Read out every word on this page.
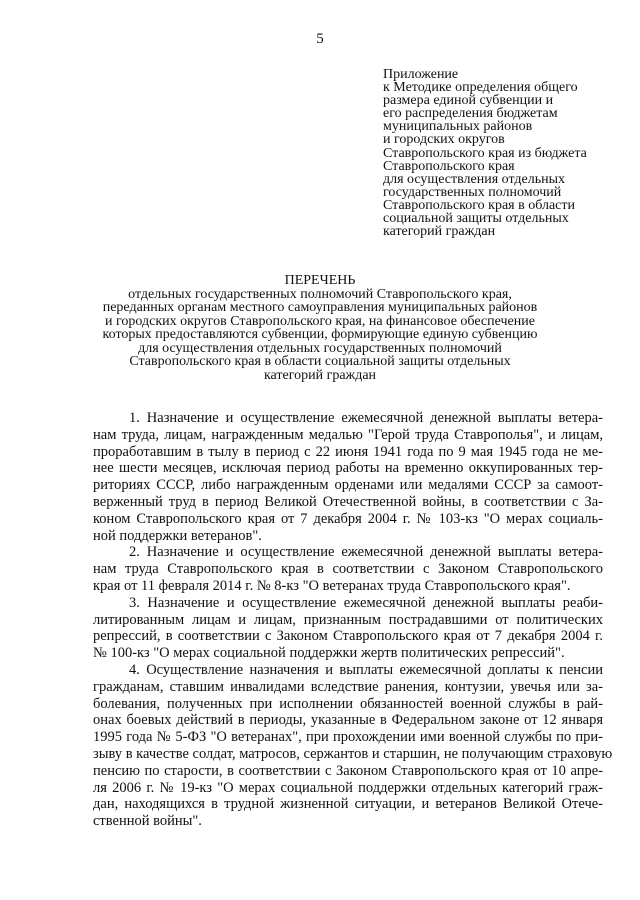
5
Приложение
к Методике определения общего
размера единой субвенции и
его распределения бюджетам
муниципальных районов
и городских округов
Ставропольского края из бюджета
Ставропольского края
для осуществления отдельных
государственных полномочий
Ставропольского края в области
социальной защиты отдельных
категорий граждан
ПЕРЕЧЕНЬ
отдельных государственных полномочий Ставропольского края,
переданных органам местного самоуправления муниципальных районов
и городских округов Ставропольского края, на финансовое обеспечение
которых предоставляются субвенции, формирующие единую субвенцию
для осуществления отдельных государственных полномочий
Ставропольского края в области социальной защиты отдельных
категорий граждан
1. Назначение и осуществление ежемесячной денежной выплаты ветера-
нам труда, лицам, награжденным медалью "Герой труда Ставрополья", и лицам,
проработавшим в тылу в период с 22 июня 1941 года по 9 мая 1945 года не ме-
нее шести месяцев, исключая период работы на временно оккупированных тер-
риториях СССР, либо награжденным орденами или медалями СССР за самоот-
верженный труд в период Великой Отечественной войны, в соответствии с За-
коном Ставропольского края от 7 декабря 2004 г. № 103-кз "О мерах социаль-
ной поддержки ветеранов".
2. Назначение и осуществление ежемесячной денежной выплаты ветера-
нам труда Ставропольского края в соответствии с Законом Ставропольского
края от 11 февраля 2014 г. № 8-кз "О ветеранах труда Ставропольского края".
3. Назначение и осуществление ежемесячной денежной выплаты реаби-
литированным лицам и лицам, признанным пострадавшими от политических
репрессий, в соответствии с Законом Ставропольского края от 7 декабря 2004 г.
№ 100-кз "О мерах социальной поддержки жертв политических репрессий".
4. Осуществление назначения и выплаты ежемесячной доплаты к пенсии
гражданам, ставшим инвалидами вследствие ранения, контузии, увечья или за-
болевания, полученных при исполнении обязанностей военной службы в рай-
онах боевых действий в периоды, указанные в Федеральном законе от 12 января
1995 года № 5-ФЗ "О ветеранах", при прохождении ими военной службы по при-
зыву в качестве солдат, матросов, сержантов и старшин, не получающим страховую
пенсию по старости, в соответствии с Законом Ставропольского края от 10 апре-
ля 2006 г. № 19-кз "О мерах социальной поддержки отдельных категорий граж-
дан, находящихся в трудной жизненной ситуации, и ветеранов Великой Отече-
ственной войны".
